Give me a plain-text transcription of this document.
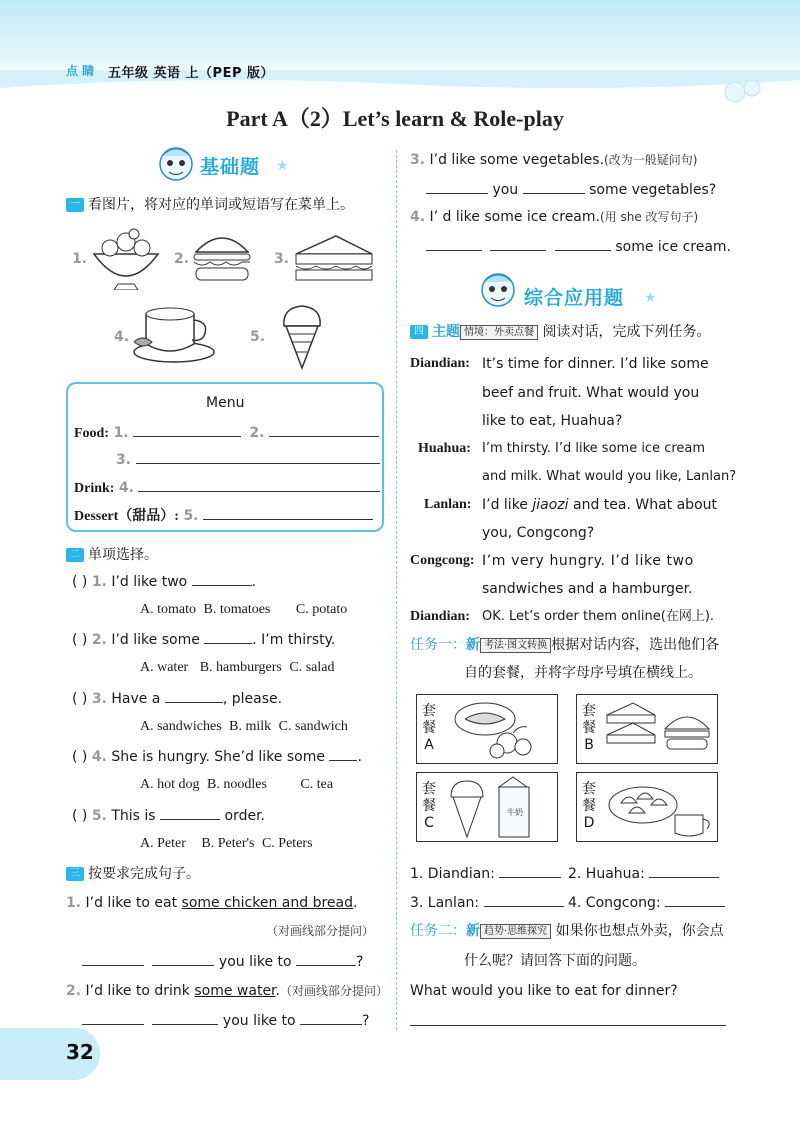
点 睛 五年级 英语 上（PEP 版）
Part A（2）Let’s learn & Role-play
基础题 ★
一 看图片，将对应的单词或短语写在菜单上。
1.	2.	3.
4.	5.
Menu
Food: 1.	2.
3.
Drink: 4.
Dessert（甜品）: 5.
二 单项选择。
( ) 1. I’d like two	.
A. tomato B. tomatoes C. potato
( ) 2. I’d like some	. I’m thirsty.
A. water B. hamburgers C. salad
( ) 3. Have a	, please.
A. sandwiches B. milk C. sandwich
( ) 4. She is hungry. She’d like some .
A. hot dog B. noodles C. tea
( ) 5. This is	order.
A. Peter B. Peter's C. Peters
三 按要求完成句子。
1. I’d like to eat some chicken and bread.
（对画线部分提问）
you like to	?
2. I’d like to drink some water.（对画线部分提问）
you like to	?
3. I’d like some vegetables.(改为一般疑问句)
you	some vegetables?
4. I’ d like some ice cream.(用 she 改写句子)
some ice cream.
综合应用题 ★
四 主题 情境：外卖点餐 阅读对话，完成下列任务。
Diandian: It’s time for dinner. I’d like some
beef and fruit. What would you
like to eat, Huahua?
Huahua: I’m thirsty. I’d like some ice cream
and milk. What would you like, Lanlan?
Lanlan: I’d like jiaozi and tea. What about
you, Congcong?
Congcong: I’m very hungry. I’d like two
sandwiches and a hamburger.
Diandian: OK. Let’s order them online(在网上).
任务一：新 考法·图文转换 根据对话内容，选出他们各
自的套餐，并将字母序号填在横线上。
套
餐
A
套
餐
B
套
餐
C
牛奶
套
餐
D
1. Diandian:	2. Huahua:
3. Lanlan:	4. Congcong:
任务二：新 趋势·思维探究 如果你也想点外卖，你会点
什么呢？请回答下面的问题。
What would you like to eat for dinner?
32
